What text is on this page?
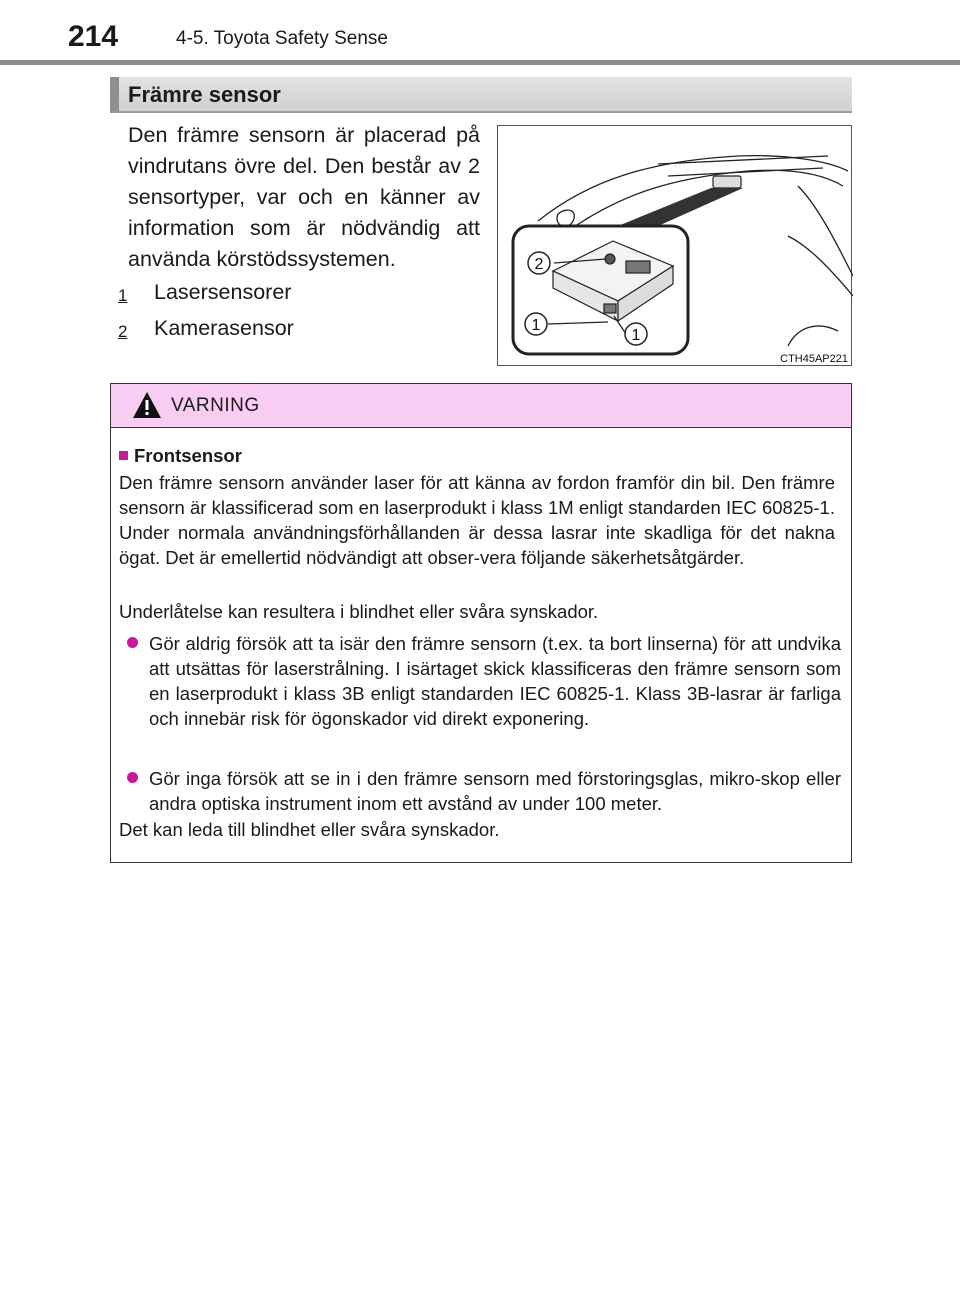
214	4-5. Toyota Safety Sense
Främre sensor
Den främre sensorn är placerad på vindrutans övre del. Den består av 2 sensortyper, var och en känner av information som är nödvändig att använda körstödssystemen.
1 Lasersensorer
2 Kamerasensor
2
1
1
CTH45AP221
VARNING
Frontsensor
Den främre sensorn använder laser för att känna av fordon framför din bil. Den främre sensorn är klassificerad som en laserprodukt i klass 1M enligt standarden IEC 60825-1. Under normala användningsförhållanden är dessa lasrar inte skadliga för det nakna ögat. Det är emellertid nödvändigt att obser-vera följande säkerhetsåtgärder.
Underlåtelse kan resultera i blindhet eller svåra synskador.
Gör aldrig försök att ta isär den främre sensorn (t.ex. ta bort linserna) för att undvika att utsättas för laserstrålning. I isärtaget skick klassificeras den främre sensorn som en laserprodukt i klass 3B enligt standarden IEC 60825-1. Klass 3B-lasrar är farliga och innebär risk för ögonskador vid direkt exponering.
Gör inga försök att se in i den främre sensorn med förstoringsglas, mikro-skop eller andra optiska instrument inom ett avstånd av under 100 meter.
Det kan leda till blindhet eller svåra synskador.
